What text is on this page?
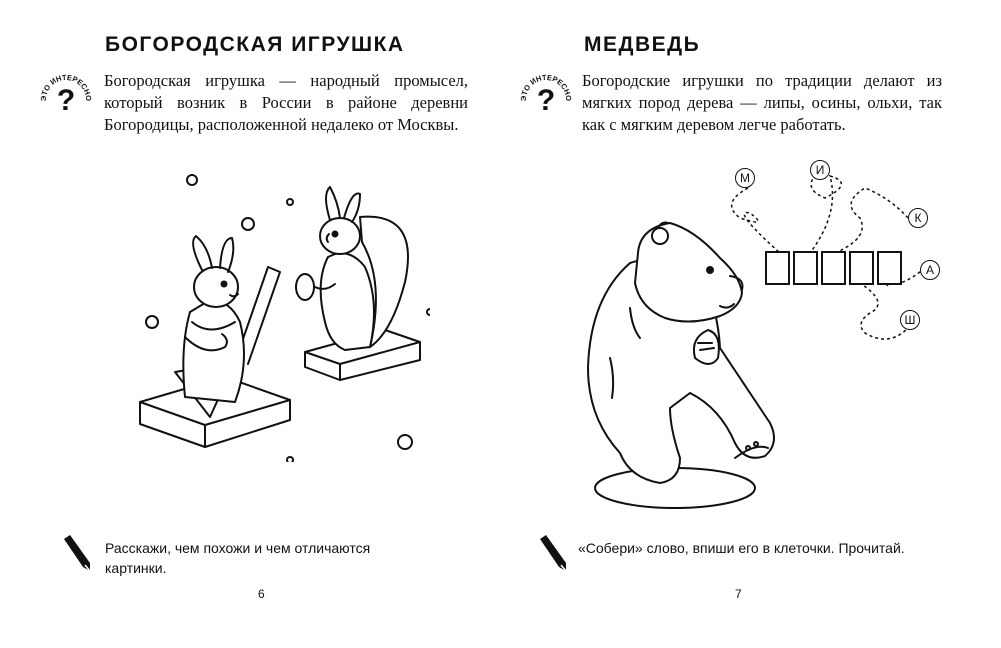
БОГОРОДСКАЯ ИГРУШКА
ЭТО ИНТЕРЕСНО
?
Богородская игрушка — народный промысел, который возник в России в районе деревни Богородицы, расположенной недалеко от Москвы.
Расскажи, чем похожи и чем отличаются картинки.
6
МЕДВЕДЬ
ЭТО ИНТЕРЕСНО
?
Богородские игрушки по традиции делают из мягких пород дерева — липы, осины, ольхи, так как с мягким деревом легче работать.
М
И
К
А
Ш
«Собери» слово, впиши его в клеточки. Прочитай.
7
